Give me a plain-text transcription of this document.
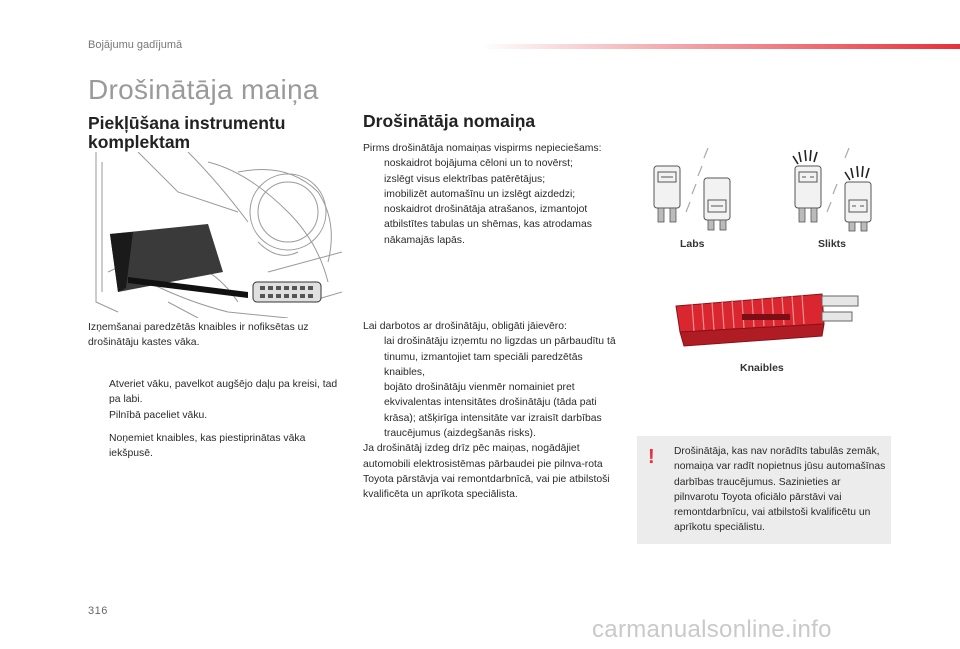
Bojājumu gadījumā
Drošinātāja maiņa
Piekļūšana instrumentu komplektam
Izņemšanai paredzētās knaibles ir nofiksētas uz drošinātāju kastes vāka.
Atveriet vāku, pavelkot augšējo daļu pa kreisi, tad pa labi.
Pilnībā paceliet vāku.
Noņemiet knaibles, kas piestiprinātas vāka iekšpusē.
Drošinātāja nomaiņa
Pirms drošinātāja nomaiņas vispirms nepieciešams:
noskaidrot bojājuma cēloni un to novērst;
izslēgt visus elektrības patērētājus;
imobilizēt automašīnu un izslēgt aizdedzi;
noskaidrot drošinātāja atrašanos, izmantojot atbilstītes tabulas un shēmas, kas atrodamas nākamajās lapās.
Lai darbotos ar drošinātāju, obligāti jāievēro:
lai drošinātāju izņemtu no ligzdas un pārbaudītu tā tinumu, izmantojiet tam speciāli paredzētās knaibles,
bojāto drošinātāju vienmēr nomainiet pret ekvivalentas intensitātes drošinātāju (tāda pati krāsa); atšķirīga intensitāte var izraisīt darbības traucējumus (aizdegšanās risks).
Ja drošinātāj izdeg drīz pēc maiņas, nogādājiet automobili elektrosistēmas pārbaudei pie pilnva-rota Toyota pārstāvja vai remontdarbnīcā, vai pie atbilstoši kvalificēta un aprīkota speciālista.
Labs	Slikts
Knaibles
! Drošinātāja, kas nav norādīts tabulās zemāk, nomaiņa var radīt nopietnus jūsu automašīnas darbības traucējumus. Sazinieties ar pilnvarotu Toyota oficiālo pārstāvi vai remontdarbnīcu, vai atbilstoši kvalificētu un aprīkotu speciālistu.
316
carmanualsonline.info
